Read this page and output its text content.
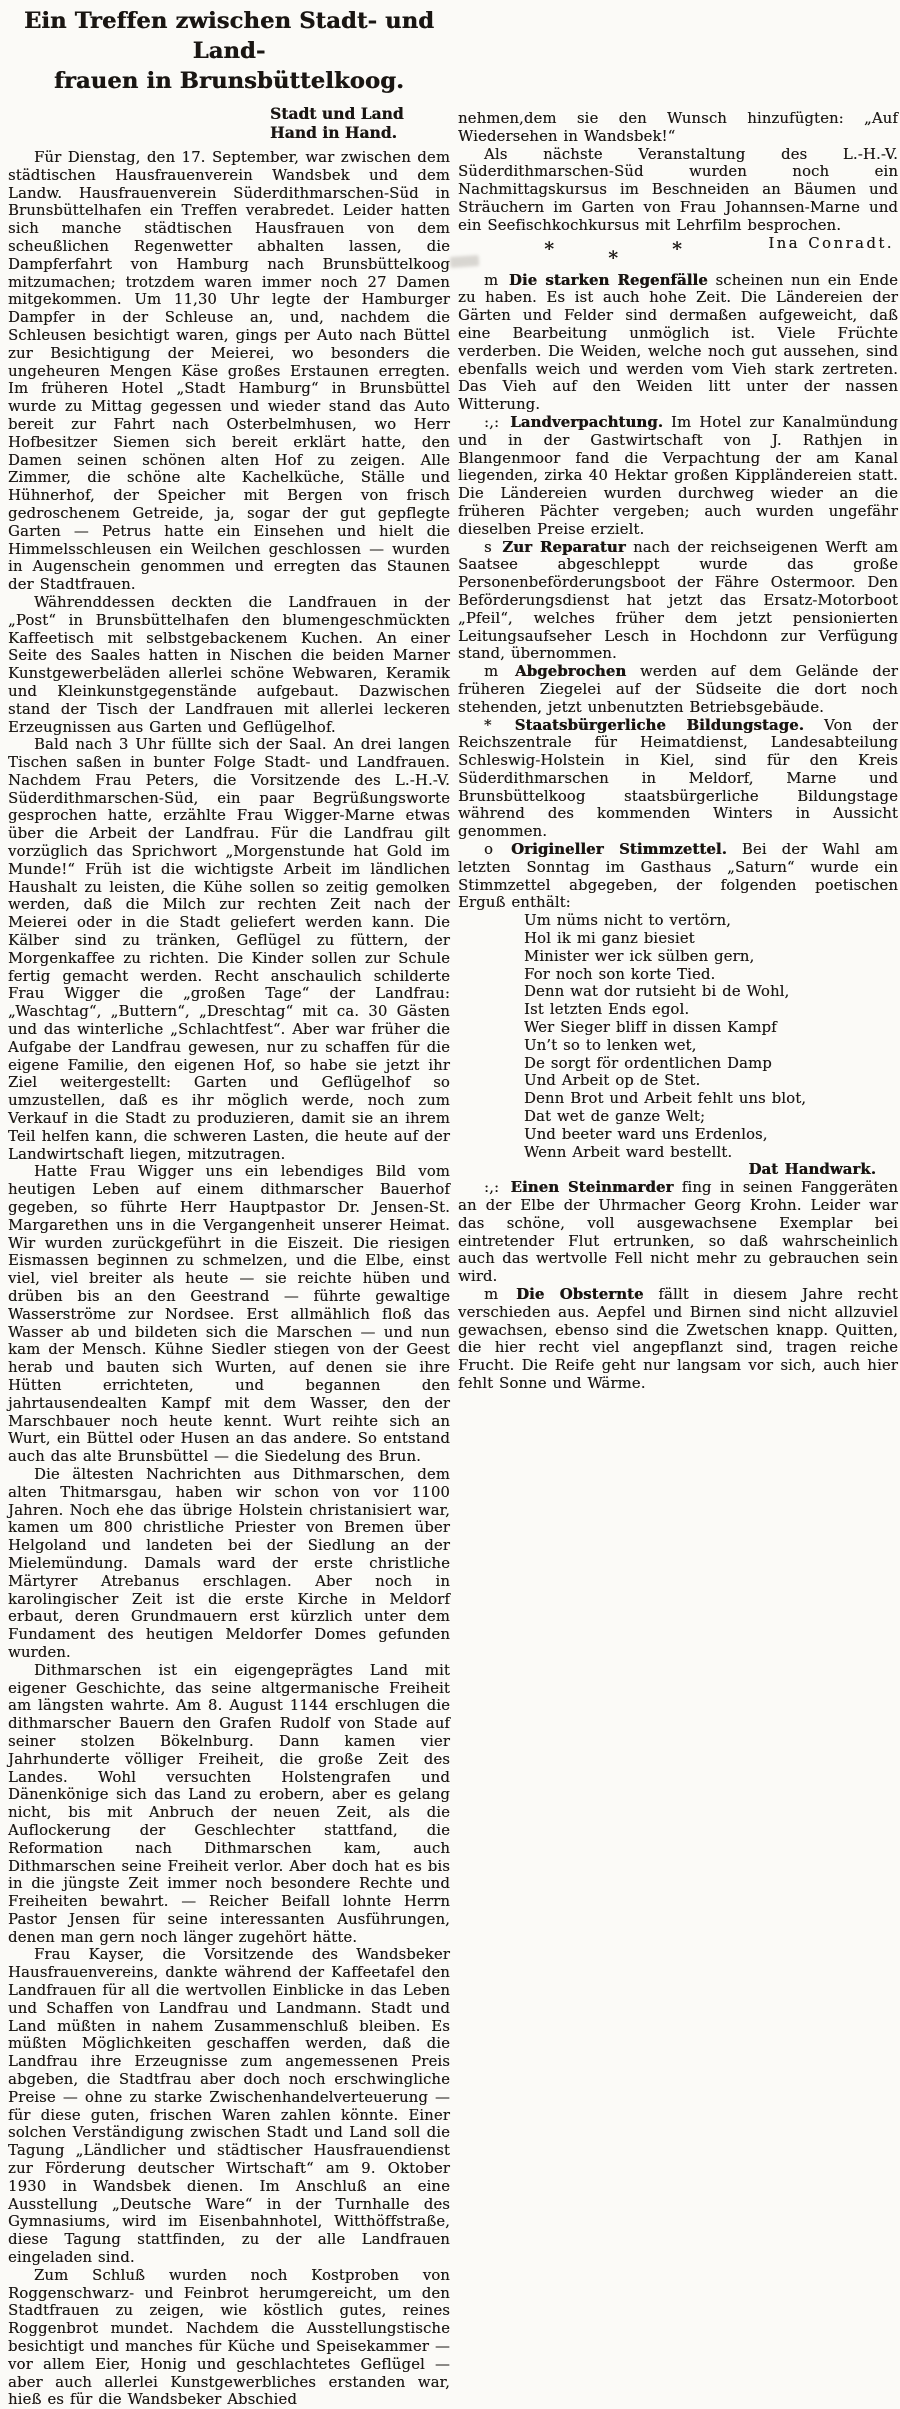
Ein Treffen zwischen Stadt- und Land-
frauen in Brunsbüttelkoog.
Stadt und Land
Hand in Hand.

Für Dienstag, den 17. September, war zwischen dem städtischen Hausfrauenverein Wandsbek und dem Landw. Hausfrauenverein Süderdithmarschen-Süd in Brunsbüttelhafen ein Treffen verabredet. Leider hatten sich manche städtischen Hausfrauen von dem scheußlichen Regenwetter abhalten lassen, die Dampferfahrt von Hamburg nach Brunsbüttelkoog mitzumachen; trotzdem waren immer noch 27 Damen mitgekommen. Um 11,30 Uhr legte der Hamburger Dampfer in der Schleuse an, und, nachdem die Schleusen besichtigt waren, gings per Auto nach Büttel zur Besichtigung der Meierei, wo besonders die ungeheuren Mengen Käse großes Erstaunen erregten. Im früheren Hotel „Stadt Hamburg“ in Brunsbüttel wurde zu Mittag gegessen und wieder stand das Auto bereit zur Fahrt nach Osterbelmhusen, wo Herr Hofbesitzer Siemen sich bereit erklärt hatte, den Damen seinen schönen alten Hof zu zeigen. Alle Zimmer, die schöne alte Kachelküche, Ställe und Hühnerhof, der Speicher mit Bergen von frisch gedroschenem Getreide, ja, sogar der gut gepflegte Garten — Petrus hatte ein Einsehen und hielt die Himmelsschleusen ein Weilchen geschlossen — wurden in Augenschein genommen und erregten das Staunen der Stadtfrauen.

Währenddessen deckten die Landfrauen in der „Post“ in Brunsbüttelhafen den blumengeschmückten Kaffeetisch mit selbstgebackenem Kuchen. An einer Seite des Saales hatten in Nischen die beiden Marner Kunstgewerbeläden allerlei schöne Webwaren, Keramik und Kleinkunstgegenstände aufgebaut. Dazwischen stand der Tisch der Landfrauen mit allerlei leckeren Erzeugnissen aus Garten und Geflügelhof.

Bald nach 3 Uhr füllte sich der Saal. An drei langen Tischen saßen in bunter Folge Stadt- und Landfrauen. Nachdem Frau Peters, die Vorsitzende des L.-H.-V. Süderdithmarschen-Süd, ein paar Begrüßungsworte gesprochen hatte, erzählte Frau Wigger-Marne etwas über die Arbeit der Landfrau. Für die Landfrau gilt vorzüglich das Sprichwort „Morgenstunde hat Gold im Munde!“ Früh ist die wichtigste Arbeit im ländlichen Haushalt zu leisten, die Kühe sollen so zeitig gemolken werden, daß die Milch zur rechten Zeit nach der Meierei oder in die Stadt geliefert werden kann. Die Kälber sind zu tränken, Geflügel zu füttern, der Morgenkaffee zu richten. Die Kinder sollen zur Schule fertig gemacht werden. Recht anschaulich schilderte Frau Wigger die „großen Tage“ der Landfrau: „Waschtag“, „Buttern“, „Dreschtag“ mit ca. 30 Gästen und das winterliche „Schlachtfest“. Aber war früher die Aufgabe der Landfrau gewesen, nur zu schaffen für die eigene Familie, den eigenen Hof, so habe sie jetzt ihr Ziel weitergestellt: Garten und Geflügelhof so umzustellen, daß es ihr möglich werde, noch zum Verkauf in die Stadt zu produzieren, damit sie an ihrem Teil helfen kann, die schweren Lasten, die heute auf der Landwirtschaft liegen, mitzutragen.

Hatte Frau Wigger uns ein lebendiges Bild vom heutigen Leben auf einem dithmarscher Bauerhof gegeben, so führte Herr Hauptpastor Dr. Jensen-St. Margarethen uns in die Vergangenheit unserer Heimat. Wir wurden zurückgeführt in die Eiszeit. Die riesigen Eismassen beginnen zu schmelzen, und die Elbe, einst viel, viel breiter als heute — sie reichte hüben und drüben bis an den Geestrand — führte gewaltige Wasserströme zur Nordsee. Erst allmählich floß das Wasser ab und bildeten sich die Marschen — und nun kam der Mensch. Kühne Siedler stiegen von der Geest herab und bauten sich Wurten, auf denen sie ihre Hütten errichteten, und begannen den jahrtausendealten Kampf mit dem Wasser, den der Marschbauer noch heute kennt. Wurt reihte sich an Wurt, ein Büttel oder Husen an das andere. So entstand auch das alte Brunsbüttel — die Siedelung des Brun.

Die ältesten Nachrichten aus Dithmarschen, dem alten Thitmarsgau, haben wir schon von vor 1100 Jahren. Noch ehe das übrige Holstein christanisiert war, kamen um 800 christliche Priester von Bremen über Helgoland und landeten bei der Siedlung an der Mielemündung. Damals ward der erste christliche Märtyrer Atrebanus erschlagen. Aber noch in karolingischer Zeit ist die erste Kirche in Meldorf erbaut, deren Grundmauern erst kürzlich unter dem Fundament des heutigen Meldorfer Domes gefunden wurden.

Dithmarschen ist ein eigengeprägtes Land mit eigener Geschichte, das seine altgermanische Freiheit am längsten wahrte. Am 8. August 1144 erschlugen die dithmarscher Bauern den Grafen Rudolf von Stade auf seiner stolzen Bökelnburg. Dann kamen vier Jahrhunderte völliger Freiheit, die große Zeit des Landes. Wohl versuchten Holstengrafen und Dänenkönige sich das Land zu erobern, aber es gelang nicht, bis mit Anbruch der neuen Zeit, als die Auflockerung der Geschlechter stattfand, die Reformation nach Dithmarschen kam, auch Dithmarschen seine Freiheit verlor. Aber doch hat es bis in die jüngste Zeit immer noch besondere Rechte und Freiheiten bewahrt. — Reicher Beifall lohnte Herrn Pastor Jensen für seine interessanten Ausführungen, denen man gern noch länger zugehört hätte.

Frau Kayser, die Vorsitzende des Wandsbeker Hausfrauenvereins, dankte während der Kaffeetafel den Landfrauen für all die wertvollen Einblicke in das Leben und Schaffen von Landfrau und Landmann. Stadt und Land müßten in nahem Zusammenschluß bleiben. Es müßten Möglichkeiten geschaffen werden, daß die Landfrau ihre Erzeugnisse zum angemessenen Preis abgeben, die Stadtfrau aber doch noch erschwingliche Preise — ohne zu starke Zwischenhandelverteuerung — für diese guten, frischen Waren zahlen könnte. Einer solchen Verständigung zwischen Stadt und Land soll die Tagung „Ländlicher und städtischer Hausfrauendienst zur Förderung deutscher Wirtschaft“ am 9. Oktober 1930 in Wandsbek dienen. Im Anschluß an eine Ausstellung „Deutsche Ware“ in der Turnhalle des Gymnasiums, wird im Eisenbahnhotel, Witthöffstraße, diese Tagung stattfinden, zu der alle Landfrauen eingeladen sind.

Zum Schluß wurden noch Kostproben von Roggenschwarz- und Feinbrot herumgereicht, um den Stadtfrauen zu zeigen, wie köstlich gutes, reines Roggenbrot mundet. Nachdem die Ausstellungstische besichtigt und manches für Küche und Speisekammer — vor allem Eier, Honig und geschlachtetes Geflügel — aber auch allerlei Kunstgewerbliches erstanden war, hieß es für die Wandsbeker Abschied

nehmen,dem sie den Wunsch hinzufügten: „Auf Wiedersehen in Wandsbek!“

Als nächste Veranstaltung des L.-H.-V. Süderdithmarschen-Süd wurden noch ein Nachmittagskursus im Beschneiden an Bäumen und Sträuchern im Garten von Frau Johannsen-Marne und ein Seefischkochkursus mit Lehrfilm besprochen.
Ina Conradt.

*	*	*

m Die starken Regenfälle scheinen nun ein Ende zu haben. Es ist auch hohe Zeit. Die Ländereien der Gärten und Felder sind dermaßen aufgeweicht, daß eine Bearbeitung unmöglich ist. Viele Früchte verderben. Die Weiden, welche noch gut aussehen, sind ebenfalls weich und werden vom Vieh stark zertreten. Das Vieh auf den Weiden litt unter der nassen Witterung.

:,: Landverpachtung. Im Hotel zur Kanalmündung und in der Gastwirtschaft von J. Rathjen in Blangenmoor fand die Verpachtung der am Kanal liegenden, zirka 40 Hektar großen Kippländereien statt. Die Ländereien wurden durchweg wieder an die früheren Pächter vergeben; auch wurden ungefähr dieselben Preise erzielt.

s Zur Reparatur nach der reichseigenen Werft am Saatsee abgeschleppt wurde das große Personenbeförderungsboot der Fähre Ostermoor. Den Beförderungsdienst hat jetzt das Ersatz-Motorboot „Pfeil“, welches früher dem jetzt pensionierten Leitungsaufseher Lesch in Hochdonn zur Verfügung stand, übernommen.

m Abgebrochen werden auf dem Gelände der früheren Ziegelei auf der Südseite die dort noch stehenden, jetzt unbenutzten Betriebsgebäude.

* Staatsbürgerliche Bildungstage. Von der Reichszentrale für Heimatdienst, Landesabteilung Schleswig-Holstein in Kiel, sind für den Kreis Süderdithmarschen in Meldorf, Marne und Brunsbüttelkoog staatsbürgerliche Bildungstage während des kommenden Winters in Aussicht genommen.

o Origineller Stimmzettel. Bei der Wahl am letzten Sonntag im Gasthaus „Saturn“ wurde ein Stimmzettel abgegeben, der folgenden poetischen Erguß enthält:

Um nüms nicht to vertörn,
Hol ik mi ganz biesiet
Minister wer ick sülben gern,
For noch son korte Tied.
Denn wat dor rutsieht bi de Wohl,
Ist letzten Ends egol.
Wer Sieger bliff in dissen Kampf
Un’t so to lenken wet,
De sorgt för ordentlichen Damp
Und Arbeit op de Stet.
Denn Brot und Arbeit fehlt uns blot,
Dat wet de ganze Welt;
Und beeter ward uns Erdenlos,
Wenn Arbeit ward bestellt.
Dat Handwark.

:,: Einen Steinmarder fing in seinen Fanggeräten an der Elbe der Uhrmacher Georg Krohn. Leider war das schöne, voll ausgewachsene Exemplar bei eintretender Flut ertrunken, so daß wahrscheinlich auch das wertvolle Fell nicht mehr zu gebrauchen sein wird.

m Die Obsternte fällt in diesem Jahre recht verschieden aus. Aepfel und Birnen sind nicht allzuviel gewachsen, ebenso sind die Zwetschen knapp. Quitten, die hier recht viel angepflanzt sind, tragen reiche Frucht. Die Reife geht nur langsam vor sich, auch hier fehlt Sonne und Wärme.
